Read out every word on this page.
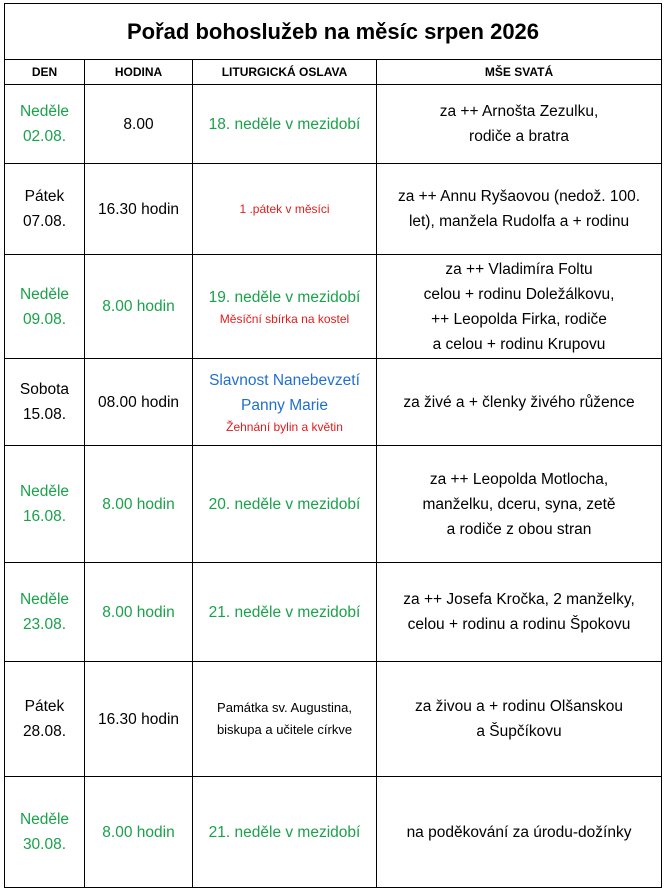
Pořad bohoslužeb na měsíc srpen 2026			
DEN	HODINA	LITURGICKÁ OSLAVA	MŠE SVATÁ

Neděle
02.08.	8.00	18. neděle v mezidobí	za ++ Arnošta Zezulku,
rodiče a bratra

Pátek
07.08.	16.30 hodin	1 .pátek v měsíci	za ++ Annu Ryšaovou (nedož. 100.
let), manžela Rudolfa a + rodinu

Neděle
09.08.	8.00 hodin	19. neděle v mezidobí
Měsíční sbírka na kostel	za ++ Vladimíra Foltu
celou + rodinu Doležálkovu,
++ Leopolda Firka, rodiče
a celou + rodinu Krupovu

Sobota
15.08.	08.00 hodin	Slavnost Nanebevzetí
Panny Marie
Žehnání bylin a květin	za živé a + členky živého růžence

Neděle
16.08.	8.00 hodin	20. neděle v mezidobí	za ++ Leopolda Motlocha,
manželku, dceru, syna, zetě
a rodiče z obou stran

Neděle
23.08.	8.00 hodin	21. neděle v mezidobí	za ++ Josefa Kročka, 2 manželky,
celou + rodinu a rodinu Špokovu

Pátek
28.08.	16.30 hodin	Památka sv. Augustina,
biskupa a učitele církve	za živou a + rodinu Olšanskou
a Šupčíkovu

Neděle
30.08.	8.00 hodin	21. neděle v mezidobí	na poděkování za úrodu-dožínky
